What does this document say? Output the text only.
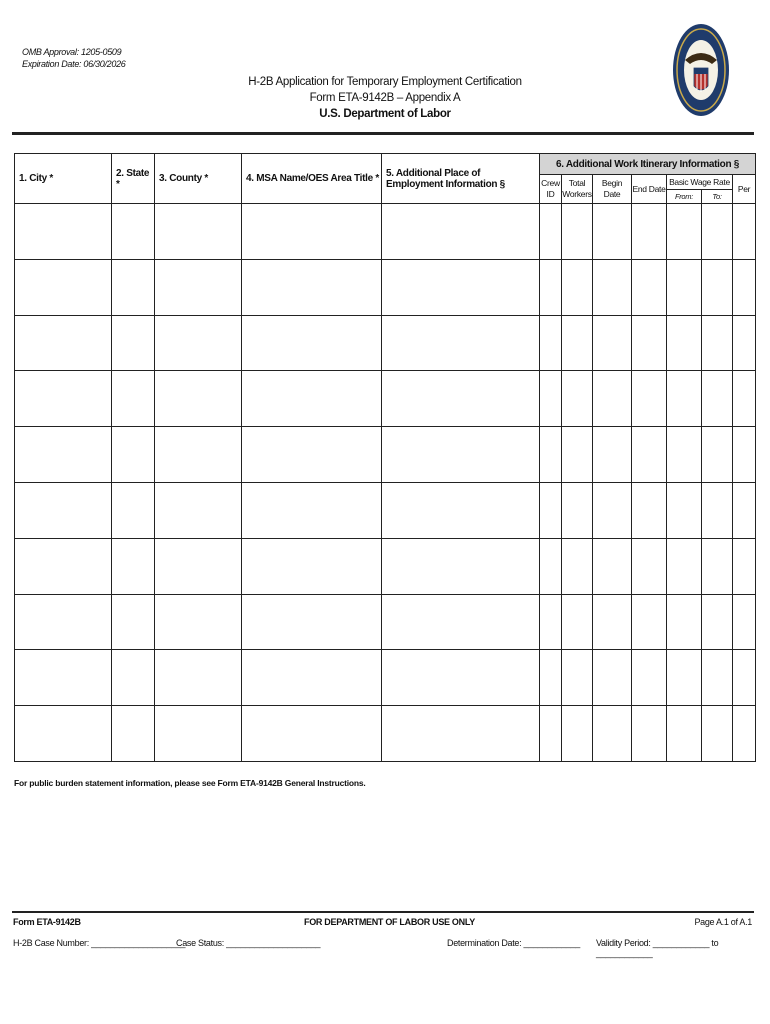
OMB Approval: 1205-0509
Expiration Date: 06/30/2026
H-2B Application for Temporary Employment Certification
Form ETA-9142B – Appendix A
U.S. Department of Labor
1. City *	2. State *	3. County *	4. MSA Name/OES Area Title *	5. Additional Place of Employment Information §	6. Additional Work Itinerary Information §						
					Crew ID	Total Workers	Begin Date	End Date	Basic Wage Rate		Per
									From:	To:	

For public burden statement information, please see Form ETA-9142B General Instructions.
Form ETA-9142B	FOR DEPARTMENT OF LABOR USE ONLY	Page A.1 of A.1
H-2B Case Number: ____________________
Case Status: ____________________	Determination Date: ____________ Validity Period: ____________ to ____________
